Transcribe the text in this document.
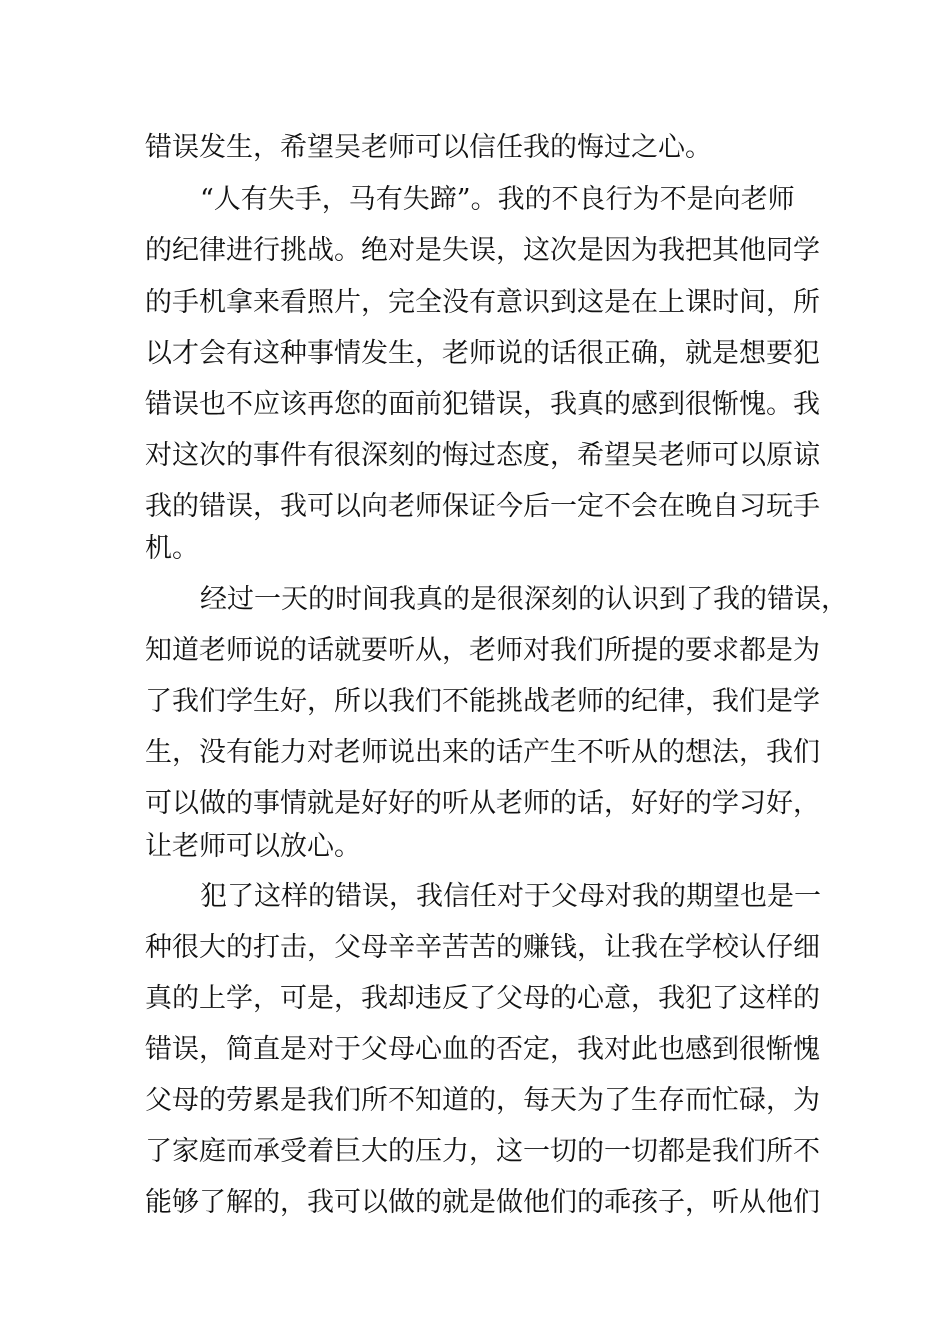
错误发生，希望吴老师可以信任我的悔过之心。
“人有失手，马有失蹄”。我的不良行为不是向老师
的纪律进行挑战。绝对是失误，这次是因为我把其他同学
的手机拿来看照片，完全没有意识到这是在上课时间，所
以才会有这种事情发生，老师说的话很正确，就是想要犯
错误也不应该再您的面前犯错误，我真的感到很惭愧。我
对这次的事件有很深刻的悔过态度，希望吴老师可以原谅
我的错误，我可以向老师保证今后一定不会在晚自习玩手
机。
经过一天的时间我真的是很深刻的认识到了我的错误，
知道老师说的话就要听从，老师对我们所提的要求都是为
了我们学生好，所以我们不能挑战老师的纪律，我们是学
生，没有能力对老师说出来的话产生不听从的想法，我们
可以做的事情就是好好的听从老师的话，好好的学习好，
让老师可以放心。
犯了这样的错误，我信任对于父母对我的期望也是一
种很大的打击，父母辛辛苦苦的赚钱，让我在学校认仔细
真的上学，可是，我却违反了父母的心意，我犯了这样的
错误，简直是对于父母心血的否定，我对此也感到很惭愧
父母的劳累是我们所不知道的，每天为了生存而忙碌，为
了家庭而承受着巨大的压力，这一切的一切都是我们所不
能够了解的，我可以做的就是做他们的乖孩子，听从他们
